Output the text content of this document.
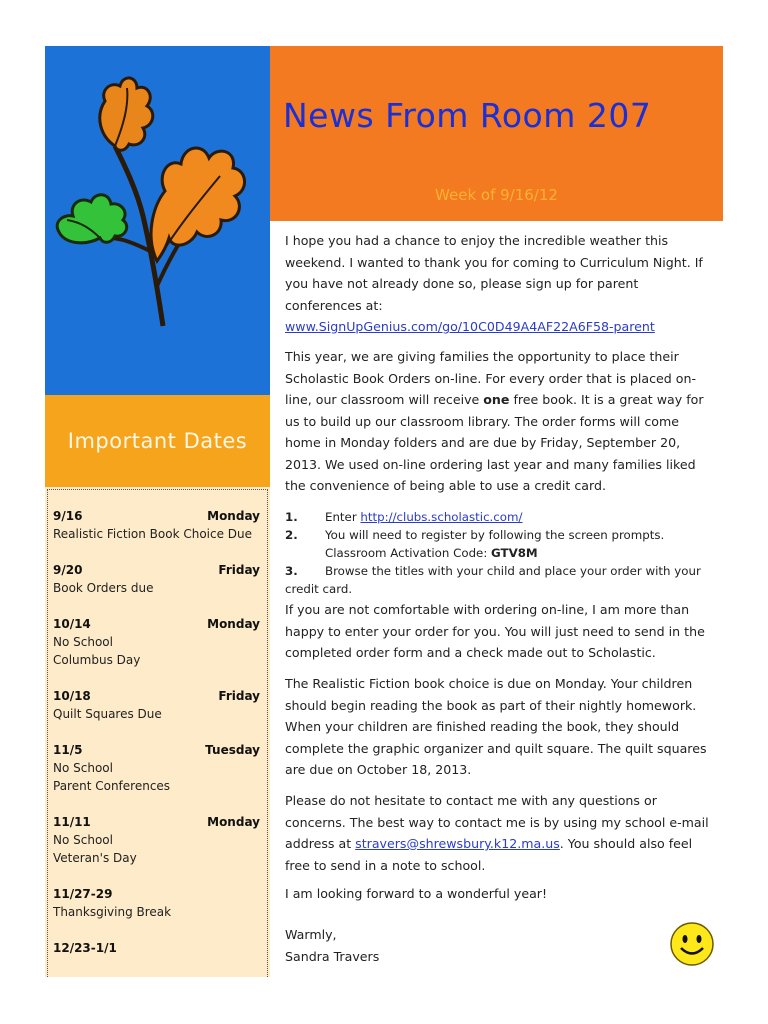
Important Dates
9/16	Monday
Realistic Fiction Book Choice Due
9/20	Friday
Book Orders due
10/14	Monday
No School
Columbus Day
10/18	Friday
Quilt Squares Due
11/5	Tuesday
No School
Parent Conferences
11/11	Monday
No School
Veteran's Day
11/27-29
Thanksgiving Break
12/23-1/1
News From Room 207
Week of 9/16/12

I hope you had a chance to enjoy the incredible weather this weekend. I wanted to thank you for coming to Curriculum Night. If you have not already done so, please sign up for parent conferences at:

www.SignUpGenius.com/go/10C0D49A4AF22A6F58-parent

This year, we are giving families the opportunity to place their Scholastic Book Orders on-line. For every order that is placed on-line, our classroom will receive one free book. It is a great way for us to build up our classroom library. The order forms will come home in Monday folders and are due by Friday, September 20, 2013. We used on-line ordering last year and many families liked the convenience of being able to use a credit card.

1. Enter http://clubs.scholastic.com/
2. You will need to register by following the screen prompts.
Classroom Activation Code: GTV8M
3. Browse the titles with your child and place your order with your credit card.

If you are not comfortable with ordering on-line, I am more than happy to enter your order for you. You will just need to send in the completed order form and a check made out to Scholastic.

The Realistic Fiction book choice is due on Monday. Your children should begin reading the book as part of their nightly homework. When your children are finished reading the book, they should complete the graphic organizer and quilt square. The quilt squares are due on October 18, 2013.

Please do not hesitate to contact me with any questions or concerns. The best way to contact me is by using my school e-mail address at stravers@shrewsbury.k12.ma.us. You should also feel free to send in a note to school.

I am looking forward to a wonderful year!

Warmly,

Sandra Travers
